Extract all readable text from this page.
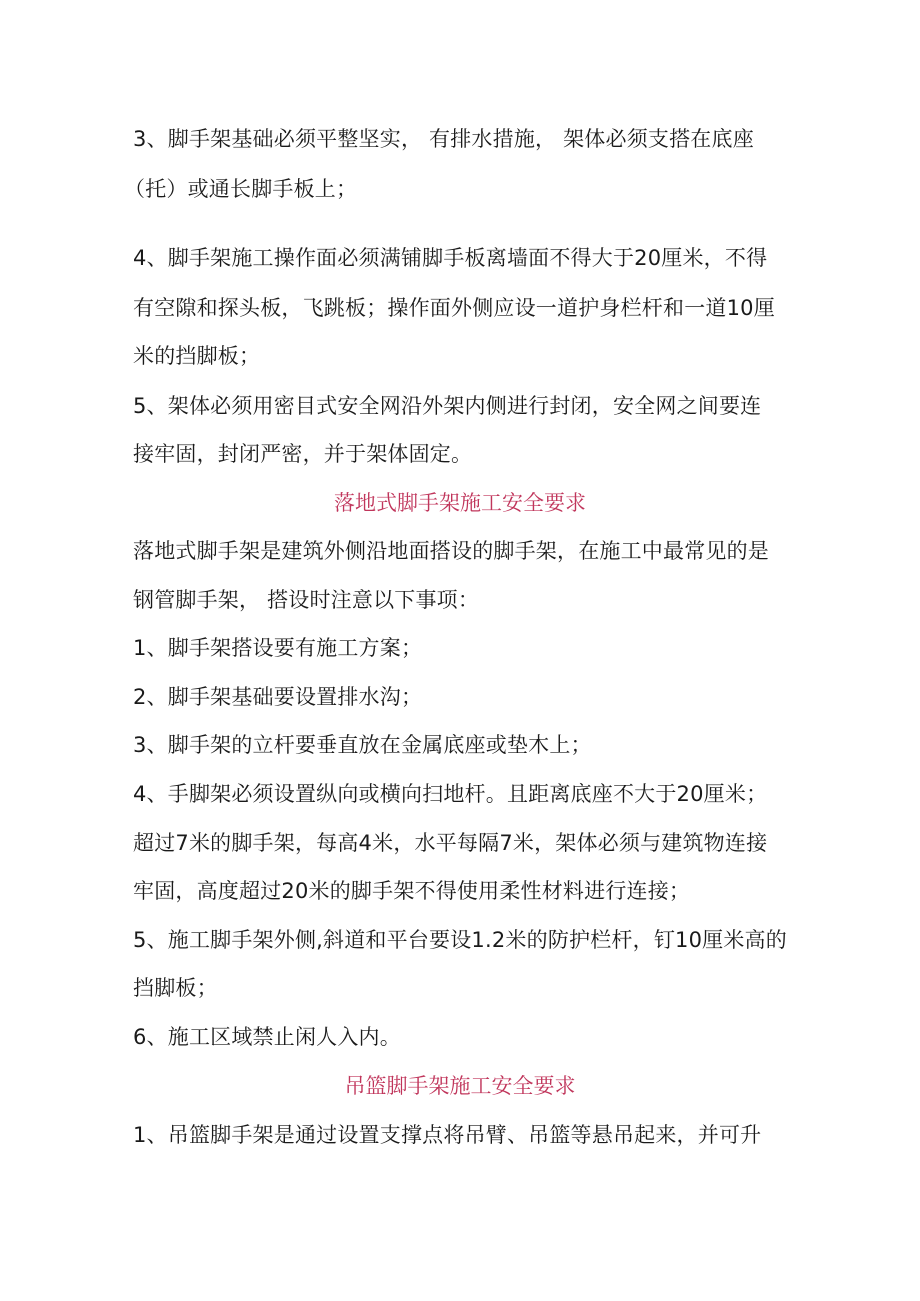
3、脚手架基础必须平整坚实， 有排水措施， 架体必须支搭在底座
（托）或通长脚手板上；
4、脚手架施工操作面必须满铺脚手板离墙面不得大于20厘米，不得
有空隙和探头板，飞跳板；操作面外侧应设一道护身栏杆和一道10厘
米的挡脚板；
5、架体必须用密目式安全网沿外架内侧进行封闭，安全网之间要连
接牢固，封闭严密，并于架体固定。
落地式脚手架施工安全要求
落地式脚手架是建筑外侧沿地面搭设的脚手架，在施工中最常见的是
钢管脚手架， 搭设时注意以下事项：
1、脚手架搭设要有施工方案；
2、脚手架基础要设置排水沟；
3、脚手架的立杆要垂直放在金属底座或垫木上；
4、手脚架必须设置纵向或横向扫地杆。且距离底座不大于20厘米；
超过7米的脚手架，每高4米，水平每隔7米，架体必须与建筑物连接
牢固，高度超过20米的脚手架不得使用柔性材料进行连接；
5、施工脚手架外侧,斜道和平台要设1.2米的防护栏杆，钉10厘米高的
挡脚板；
6、施工区域禁止闲人入内。
吊篮脚手架施工安全要求
1、吊篮脚手架是通过设置支撑点将吊臂、吊篮等悬吊起来，并可升
